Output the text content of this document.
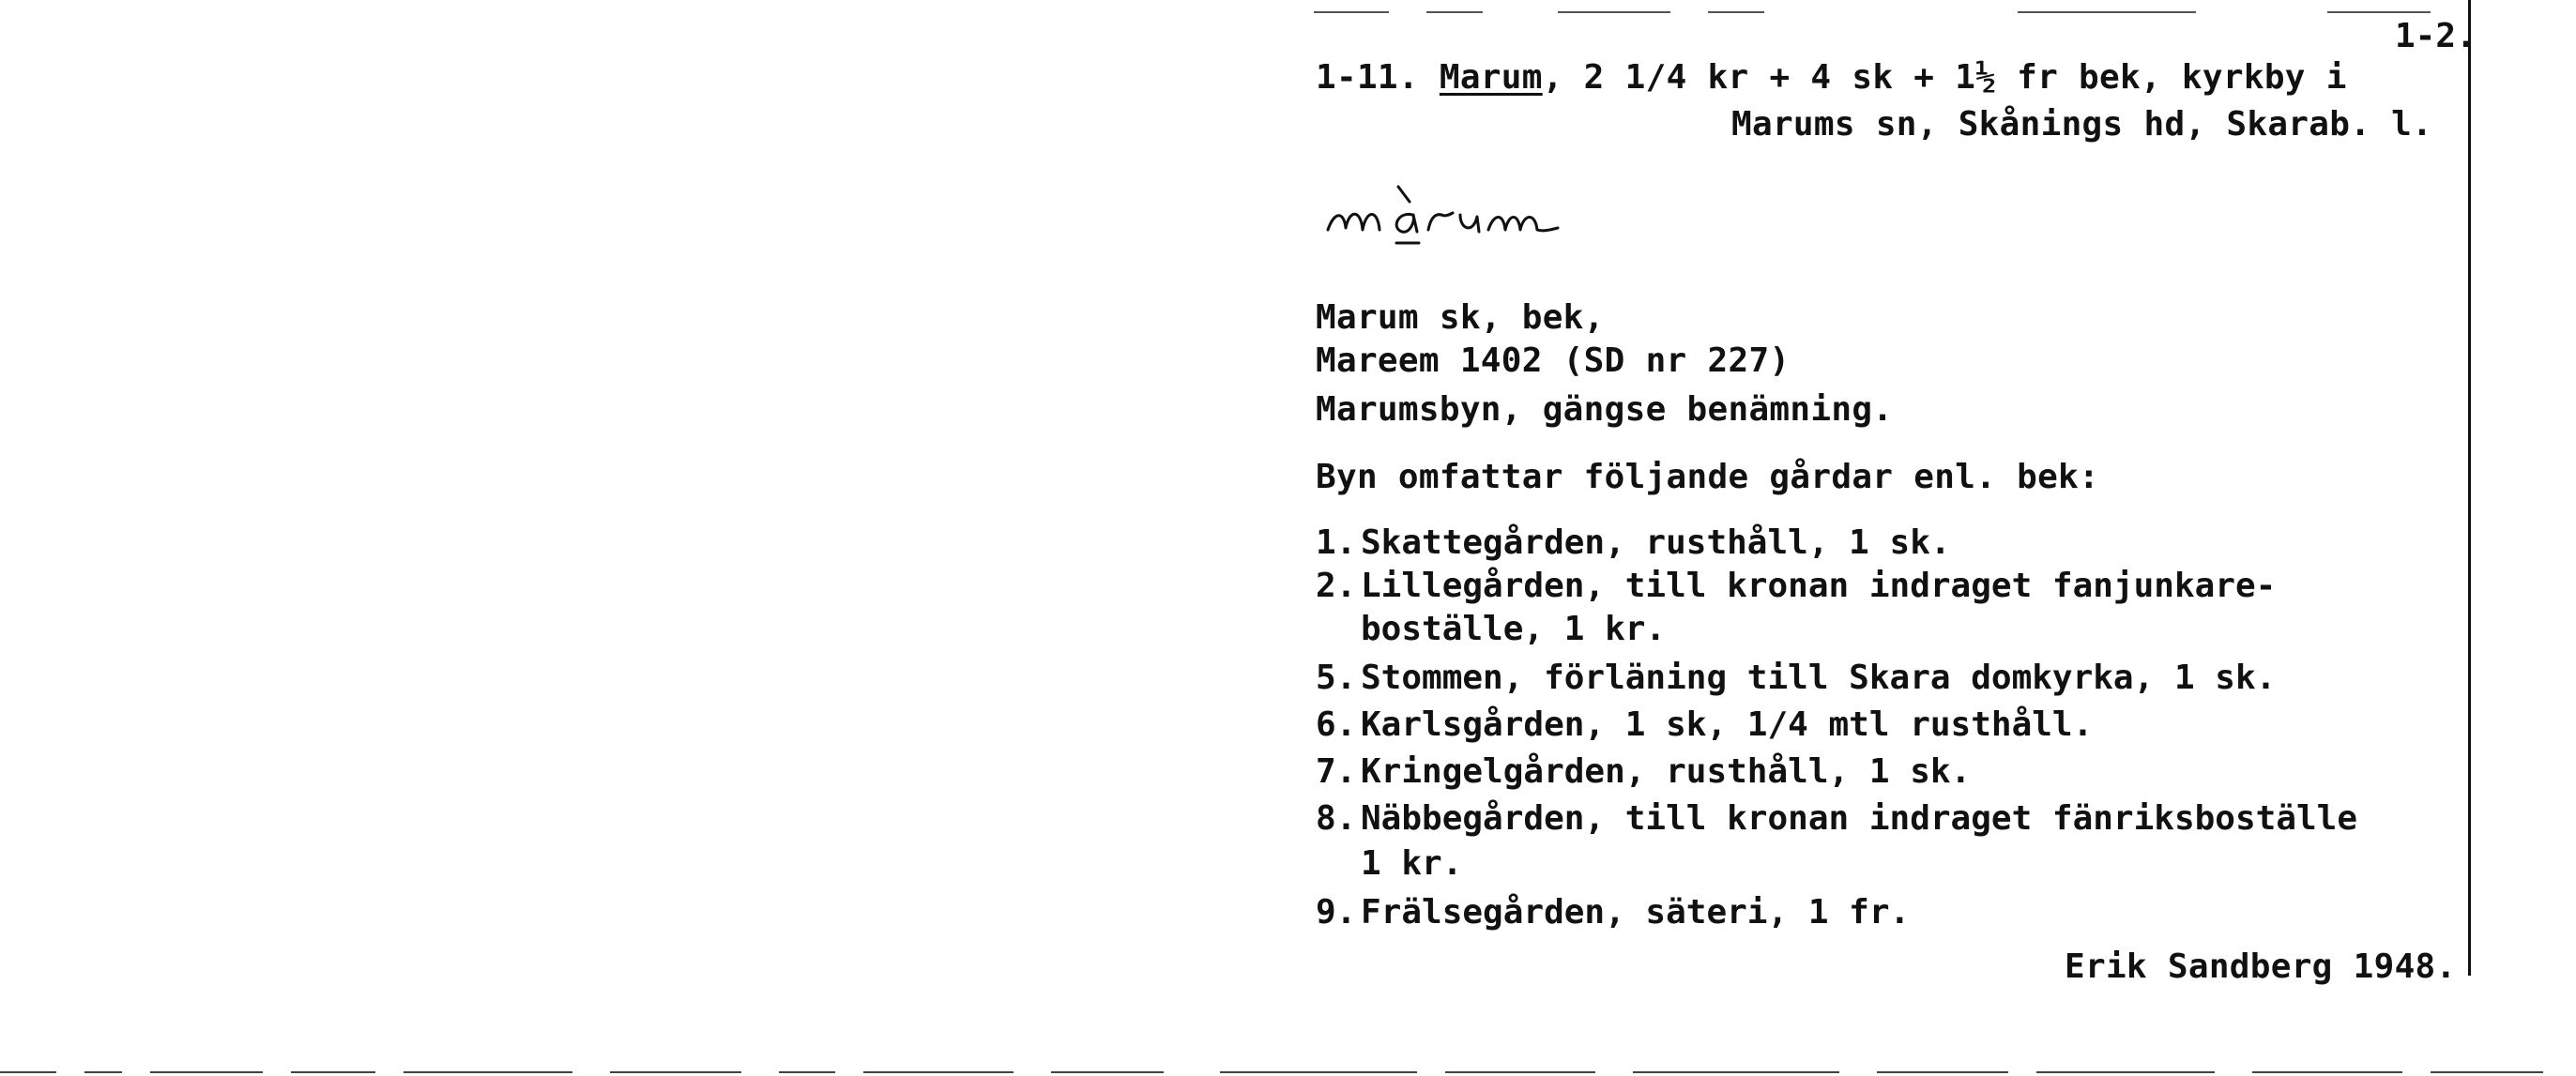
1-2.
1-11. Marum, 2 1/4 kr + 4 sk + 1½ fr bek, kyrkby i
Marums sn, Skånings hd, Skarab. l.
Marum sk, bek,
Mareem 1402 (SD nr 227)
Marumsbyn, gängse benämning.
Byn omfattar följande gårdar enl. bek:
1. Skattegården, rusthåll, 1 sk.
2. Lillegården, till kronan indraget fanjunkare-
boställe, 1 kr.
5. Stommen, förläning till Skara domkyrka, 1 sk.
6. Karlsgården, 1 sk, 1/4 mtl rusthåll.
7. Kringelgården, rusthåll, 1 sk.
8. Näbbegården, till kronan indraget fänriksboställe
1 kr.
9. Frälsegården, säteri, 1 fr.
Erik Sandberg 1948.
